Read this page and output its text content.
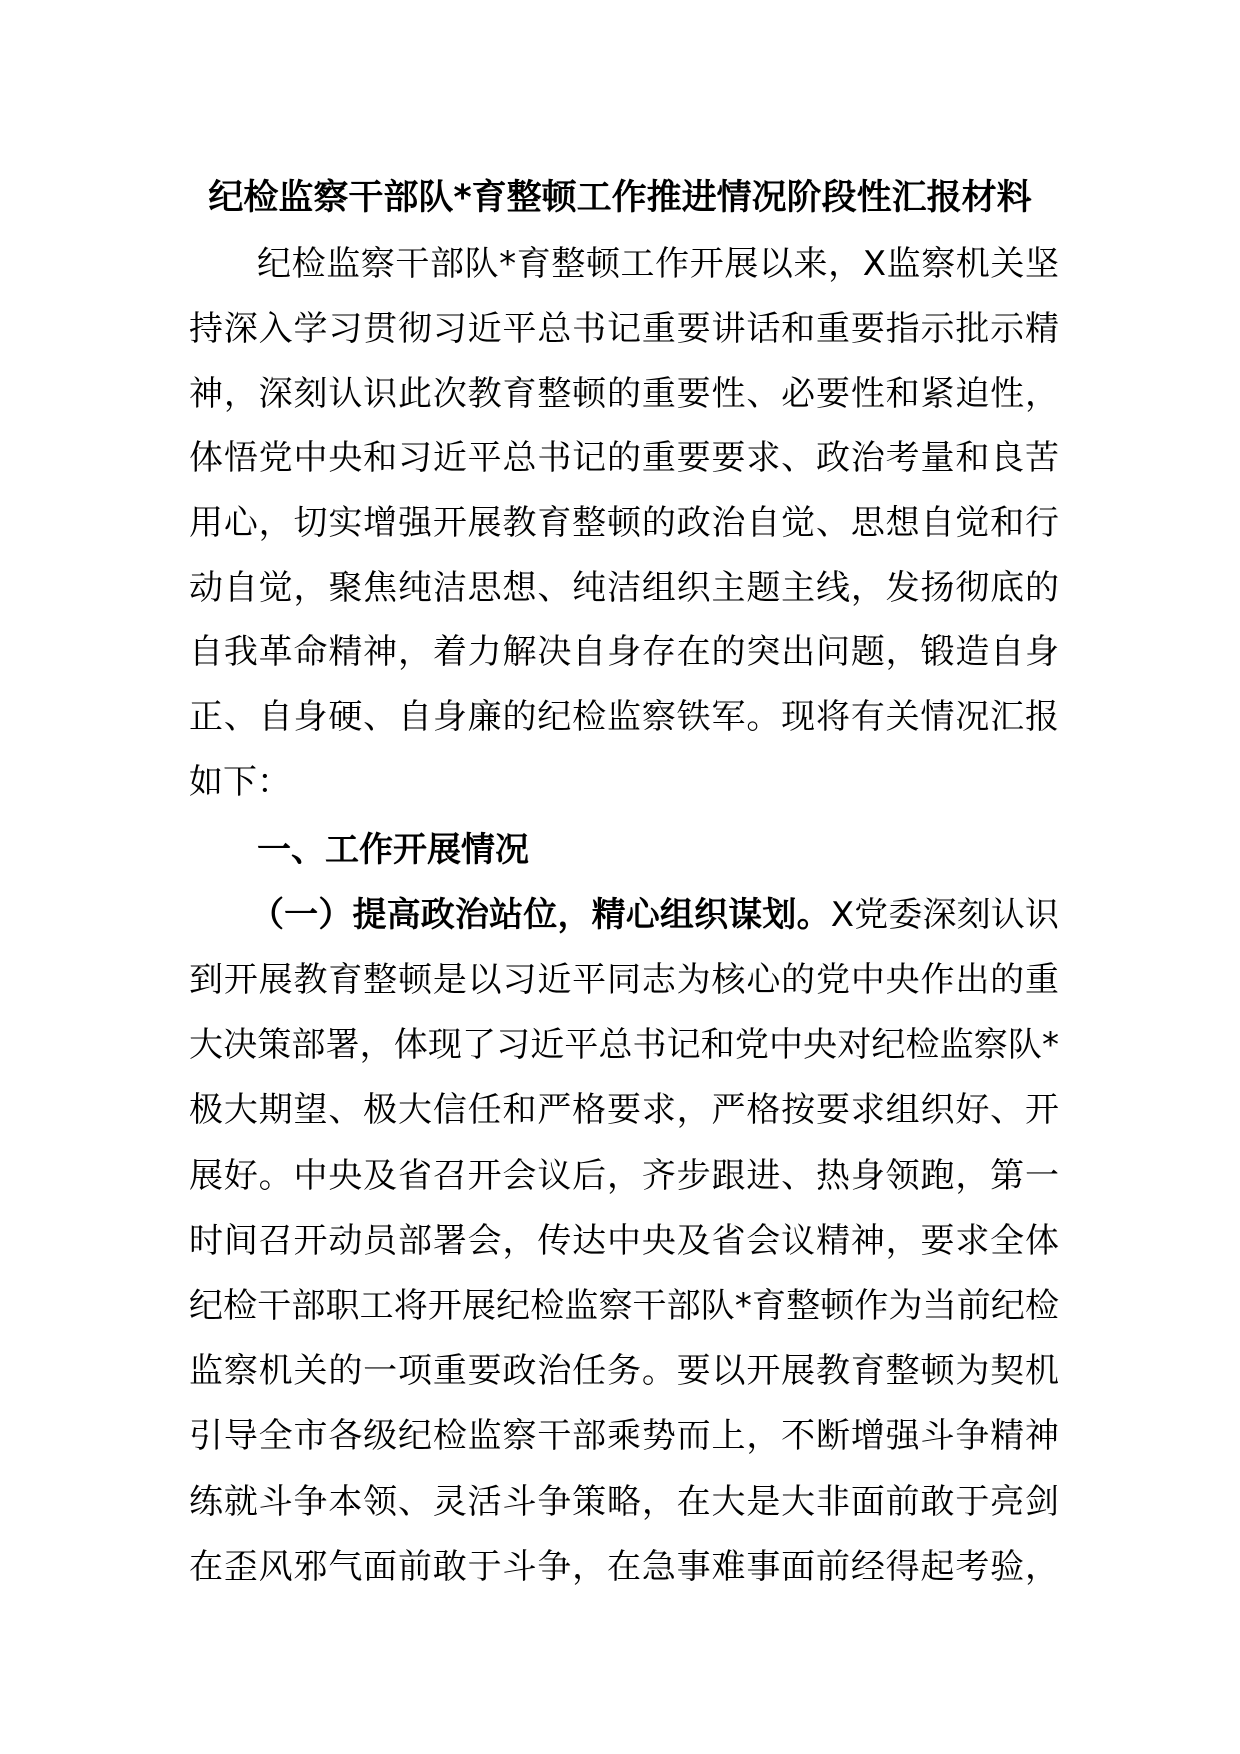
纪检监察干部队*育整顿工作推进情况阶段性汇报材料
纪检监察干部队*育整顿工作开展以来，X监察机关坚
持深入学习贯彻习近平总书记重要讲话和重要指示批示精
神，深刻认识此次教育整顿的重要性、必要性和紧迫性，
体悟党中央和习近平总书记的重要要求、政治考量和良苦
用心，切实增强开展教育整顿的政治自觉、思想自觉和行
动自觉，聚焦纯洁思想、纯洁组织主题主线，发扬彻底的
自我革命精神，着力解决自身存在的突出问题，锻造自身
正、自身硬、自身廉的纪检监察铁军。现将有关情况汇报
如下：
一、工作开展情况
（一）提高政治站位，精心组织谋划。X党委深刻认识
到开展教育整顿是以习近平同志为核心的党中央作出的重
大决策部署，体现了习近平总书记和党中央对纪检监察队*
极大期望、极大信任和严格要求，严格按要求组织好、开
展好。中央及省召开会议后，齐步跟进、热身领跑，第一
时间召开动员部署会，传达中央及省会议精神，要求全体
纪检干部职工将开展纪检监察干部队*育整顿作为当前纪检
监察机关的一项重要政治任务。要以开展教育整顿为契机
引导全市各级纪检监察干部乘势而上，不断增强斗争精神
练就斗争本领、灵活斗争策略，在大是大非面前敢于亮剑
在歪风邪气面前敢于斗争，在急事难事面前经得起考验，
